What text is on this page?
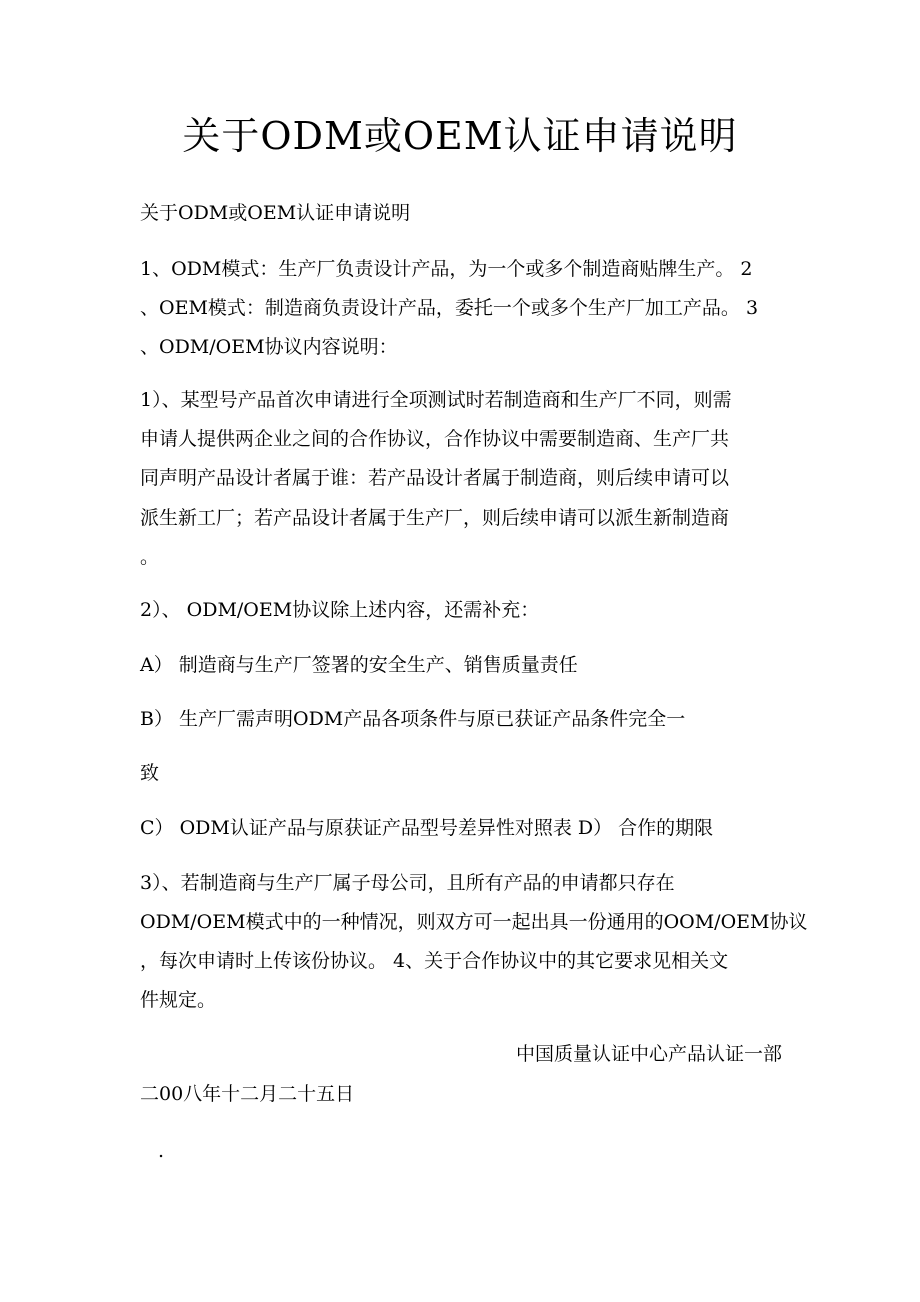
关于ODM或OEM认证申请说明
关于ODM或OEM认证申请说明
1、ODM模式：生产厂负责设计产品，为一个或多个制造商贴牌生产。 2
、OEM模式：制造商负责设计产品，委托一个或多个生产厂加工产品。 3
、ODM/OEM协议内容说明：
1）、某型号产品首次申请进行全项测试时若制造商和生产厂不同，则需
申请人提供两企业之间的合作协议，合作协议中需要制造商、生产厂共
同声明产品设计者属于谁：若产品设计者属于制造商，则后续申请可以
派生新工厂；若产品设计者属于生产厂，则后续申请可以派生新制造商
。
2）、 ODM/OEM协议除上述内容，还需补充：
A） 制造商与生产厂签署的安全生产、销售质量责任
B） 生产厂需声明ODM产品各项条件与原已获证产品条件完全一
致
C） ODM认证产品与原获证产品型号差异性对照表 D） 合作的期限
3）、若制造商与生产厂属子母公司，且所有产品的申请都只存在
ODM/OEM模式中的一种情况，则双方可一起出具一份通用的OOM/OEM协议
，每次申请时上传该份协议。 4、关于合作协议中的其它要求见相关文
件规定。
中国质量认证中心产品认证一部
二00八年十二月二十五日
.
